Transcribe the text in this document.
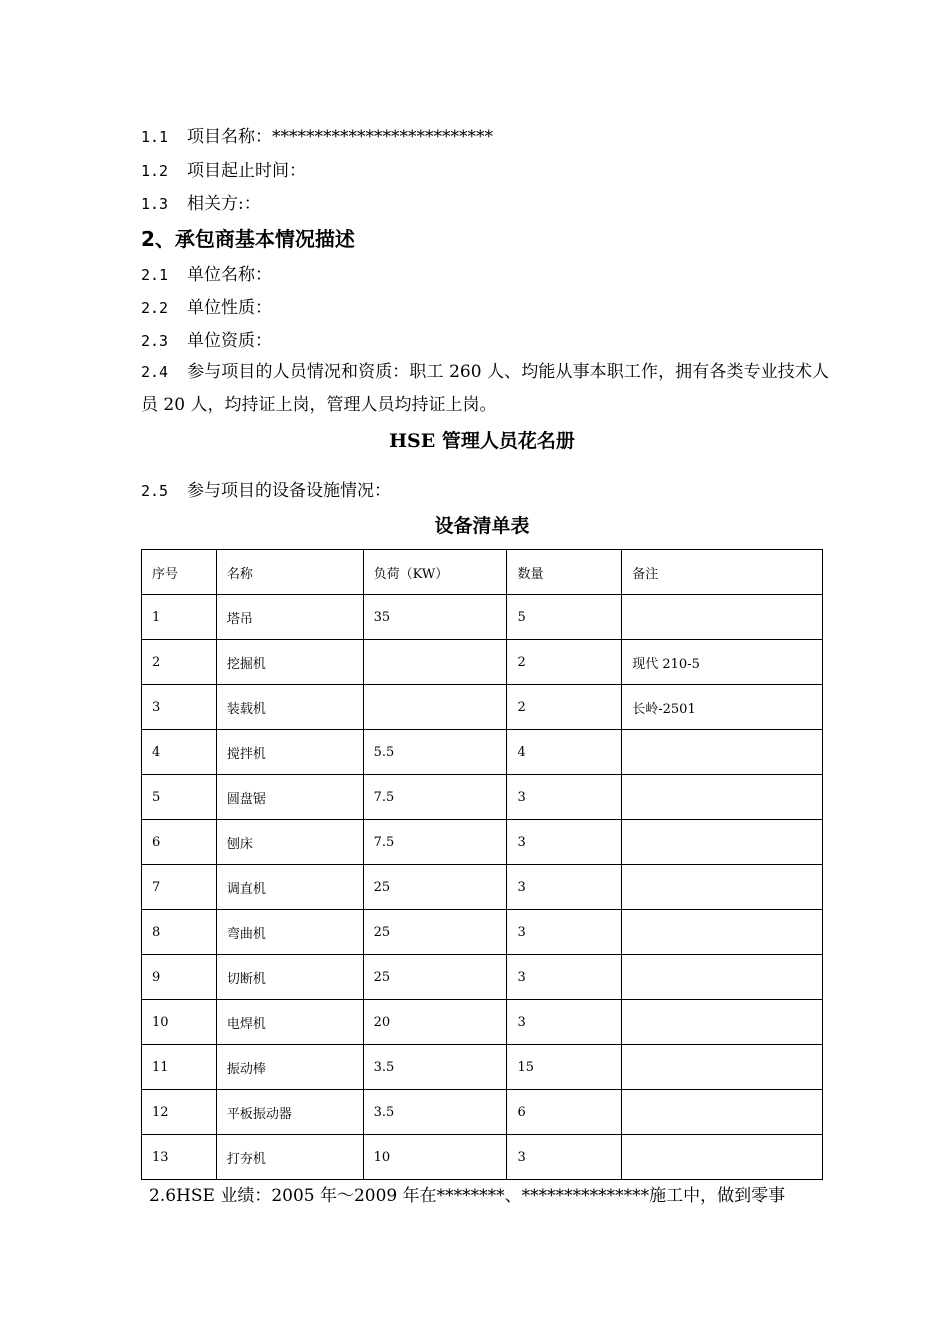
1.1 项目名称：**************************
1.2 项目起止时间：
1.3 相关方:：
2、承包商基本情况描述
2.1 单位名称：
2.2 单位性质：
2.3 单位资质：
2.4 参与项目的人员情况和资质：职工 260 人、均能从事本职工作，拥有各类专业技术人员 20 人，均持证上岗，管理人员均持证上岗。
HSE 管理人员花名册
2.5 参与项目的设备设施情况：
设备清单表
序号	名称	负荷（KW）	数量	备注
1	塔吊	35	5	
2	挖掘机		2	现代 210-5
3	装载机		2	长岭-2501
4	搅拌机	5.5	4	
5	圆盘锯	7.5	3	
6	刨床	7.5	3	
7	调直机	25	3	
8	弯曲机	25	3	
9	切断机	25	3	
10	电焊机	20	3	
11	振动棒	3.5	15	
12	平板振动器	3.5	6	
13	打夯机	10	3	
2.6HSE 业绩：2005 年～2009 年在********、***************施工中，做到零事
